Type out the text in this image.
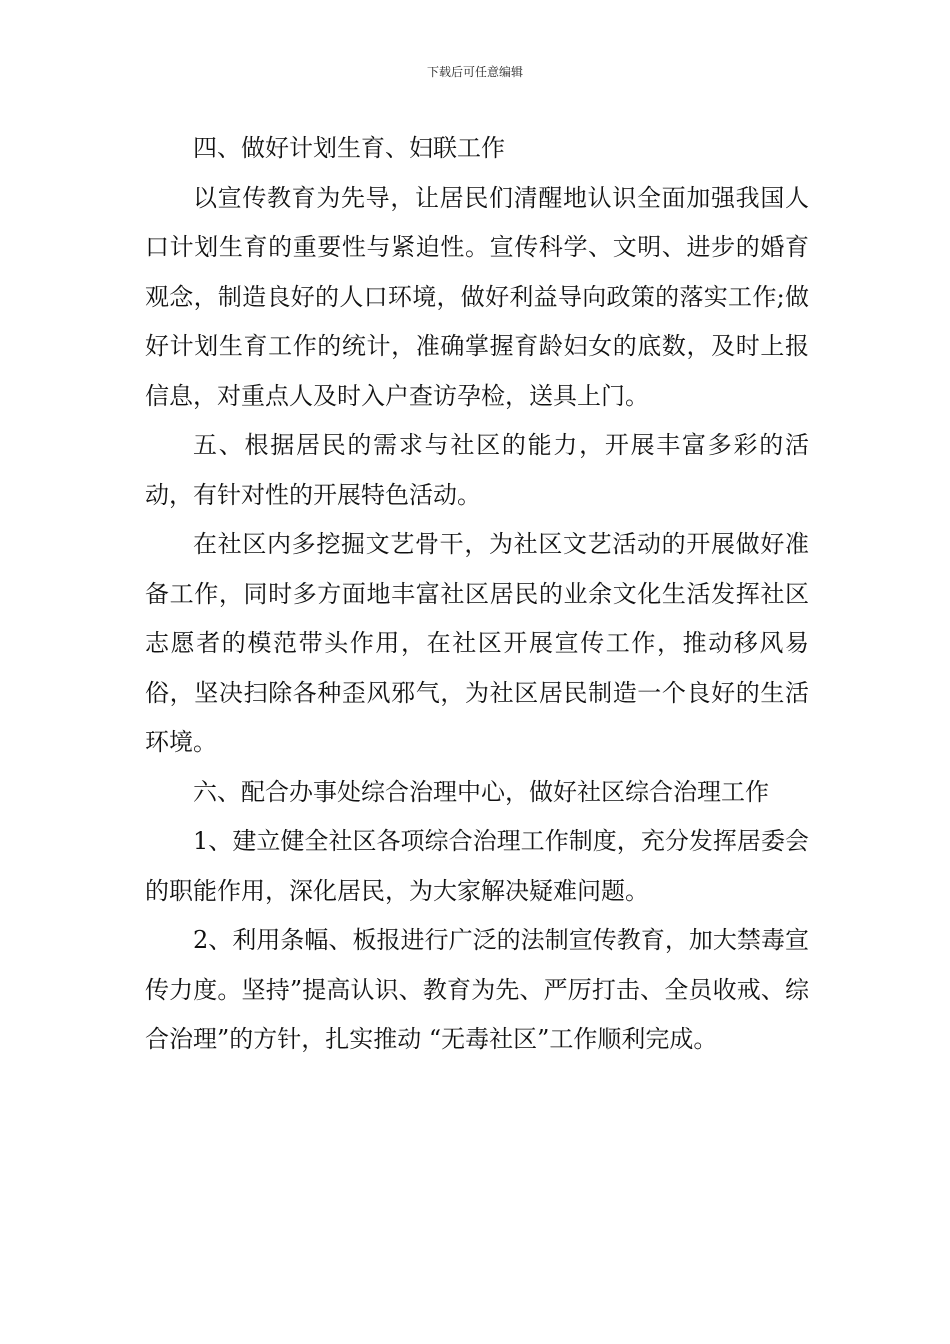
下载后可任意编辑

四、做好计划生育、妇联工作

以宣传教育为先导，让居民们清醒地认识全面加强我国人口计划生育的重要性与紧迫性。宣传科学、文明、进步的婚育观念，制造良好的人口环境，做好利益导向政策的落实工作;做好计划生育工作的统计，准确掌握育龄妇女的底数，及时上报信息，对重点人及时入户查访孕检，送具上门。

五、根据居民的需求与社区的能力，开展丰富多彩的活动，有针对性的开展特色活动。

在社区内多挖掘文艺骨干，为社区文艺活动的开展做好准备工作，同时多方面地丰富社区居民的业余文化生活发挥社区志愿者的模范带头作用，在社区开展宣传工作，推动移风易俗，坚决扫除各种歪风邪气，为社区居民制造一个良好的生活环境。

六、配合办事处综合治理中心，做好社区综合治理工作

1、建立健全社区各项综合治理工作制度，充分发挥居委会的职能作用，深化居民，为大家解决疑难问题。

2、利用条幅、板报进行广泛的法制宣传教育，加大禁毒宣传力度。坚持”提高认识、教育为先、严厉打击、全员收戒、综合治理”的方针，扎实推动 “无毒社区”工作顺利完成。
